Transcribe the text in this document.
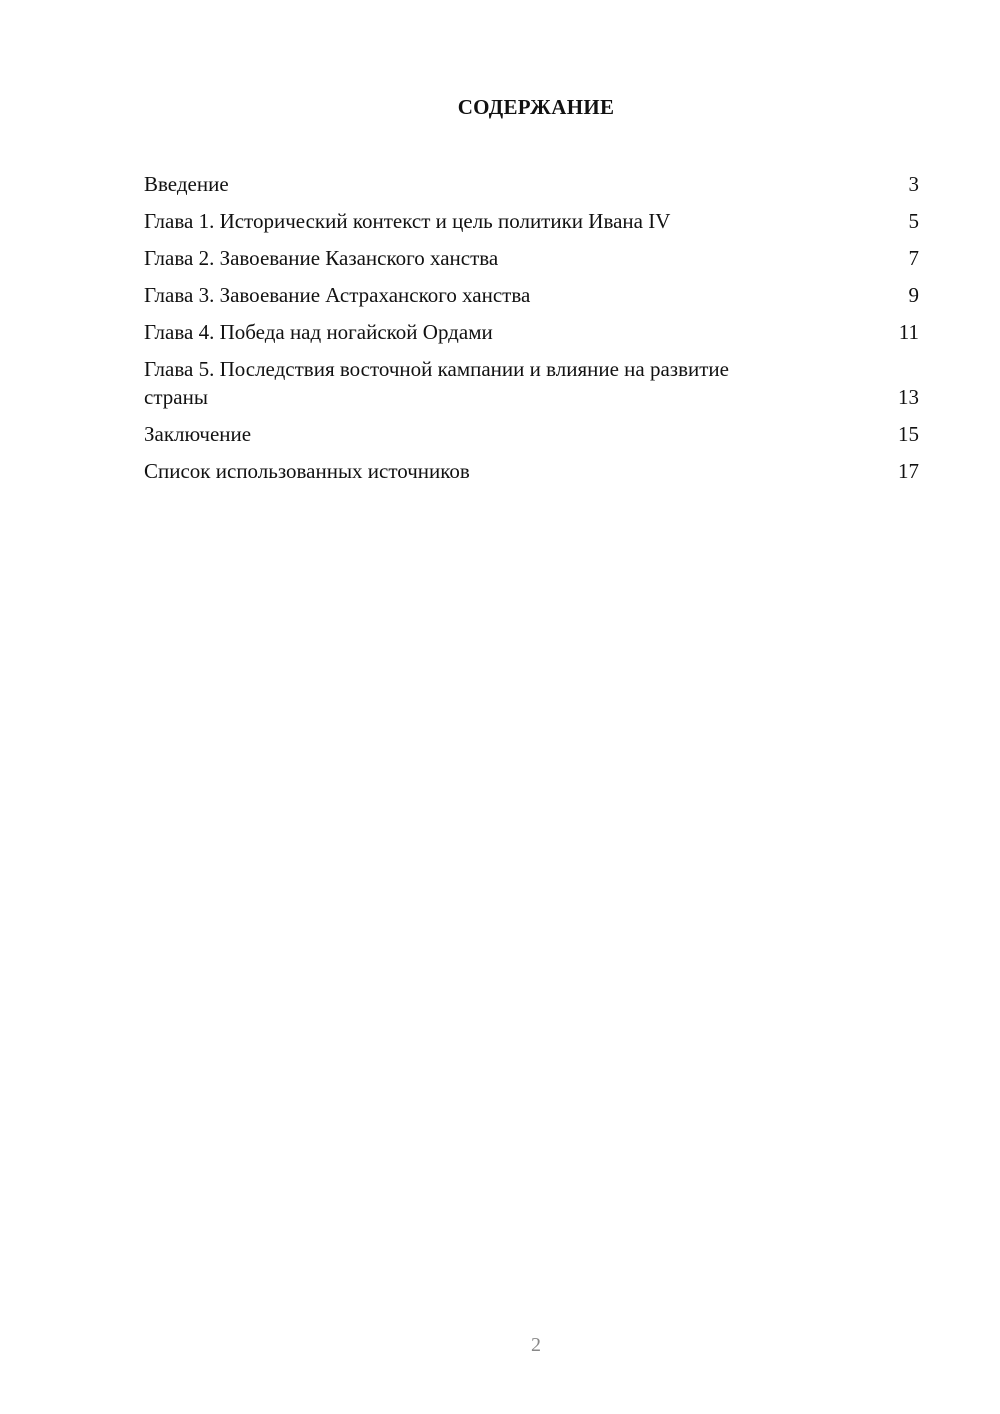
СОДЕРЖАНИЕ
Введение	3
Глава 1. Исторический контекст и цель политики Ивана IV	5
Глава 2. Завоевание Казанского ханства	7
Глава 3. Завоевание Астраханского ханства	9
Глава 4. Победа над ногайской Ордами	11
Глава 5. Последствия восточной кампании и влияние на развитие страны	13
Заключение	15
Список использованных источников	17
2
